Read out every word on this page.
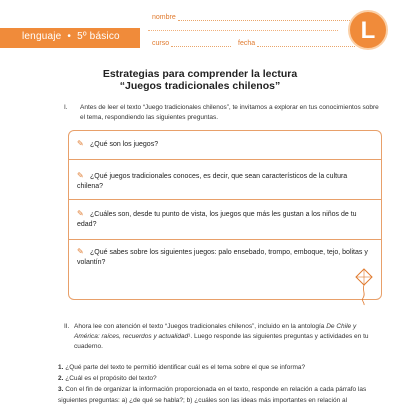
lenguaje • 5º básico
nombre
curso	fecha	L
Estrategias para comprender la lectura
“Juegos tradicionales chilenos”
I. Antes de leer el texto “Juego tradicionales chilenos”, te invitamos a explorar en tus conocimientos sobre el tema, respondiendo las siguientes preguntas.
✎ ¿Qué son los juegos?
✎ ¿Qué juegos tradicionales conoces, es decir, que sean característicos de la cultura chilena?
✎ ¿Cuáles son, desde tu punto de vista, los juegos que más les gustan a los niños de tu edad?
✎ ¿Qué sabes sobre los siguientes juegos: palo ensebado, trompo, emboque, tejo, bolitas y volantín?
II. Ahora lee con atención el texto “Juegos tradicionales chilenos”, incluido en la antología De Chile y América: raíces, recuerdos y actualidad¹. Luego responde las siguientes preguntas y actividades en tu cuaderno.
1. ¿Qué parte del texto te permitió identificar cuál es el tema sobre el que se informa?
2. ¿Cuál es el propósito del texto?
3. Con el fin de organizar la información proporcionada en el texto, responde en relación a cada párrafo las siguientes preguntas: a) ¿de qué se habla?; b) ¿cuáles son las ideas más importantes en relación al
